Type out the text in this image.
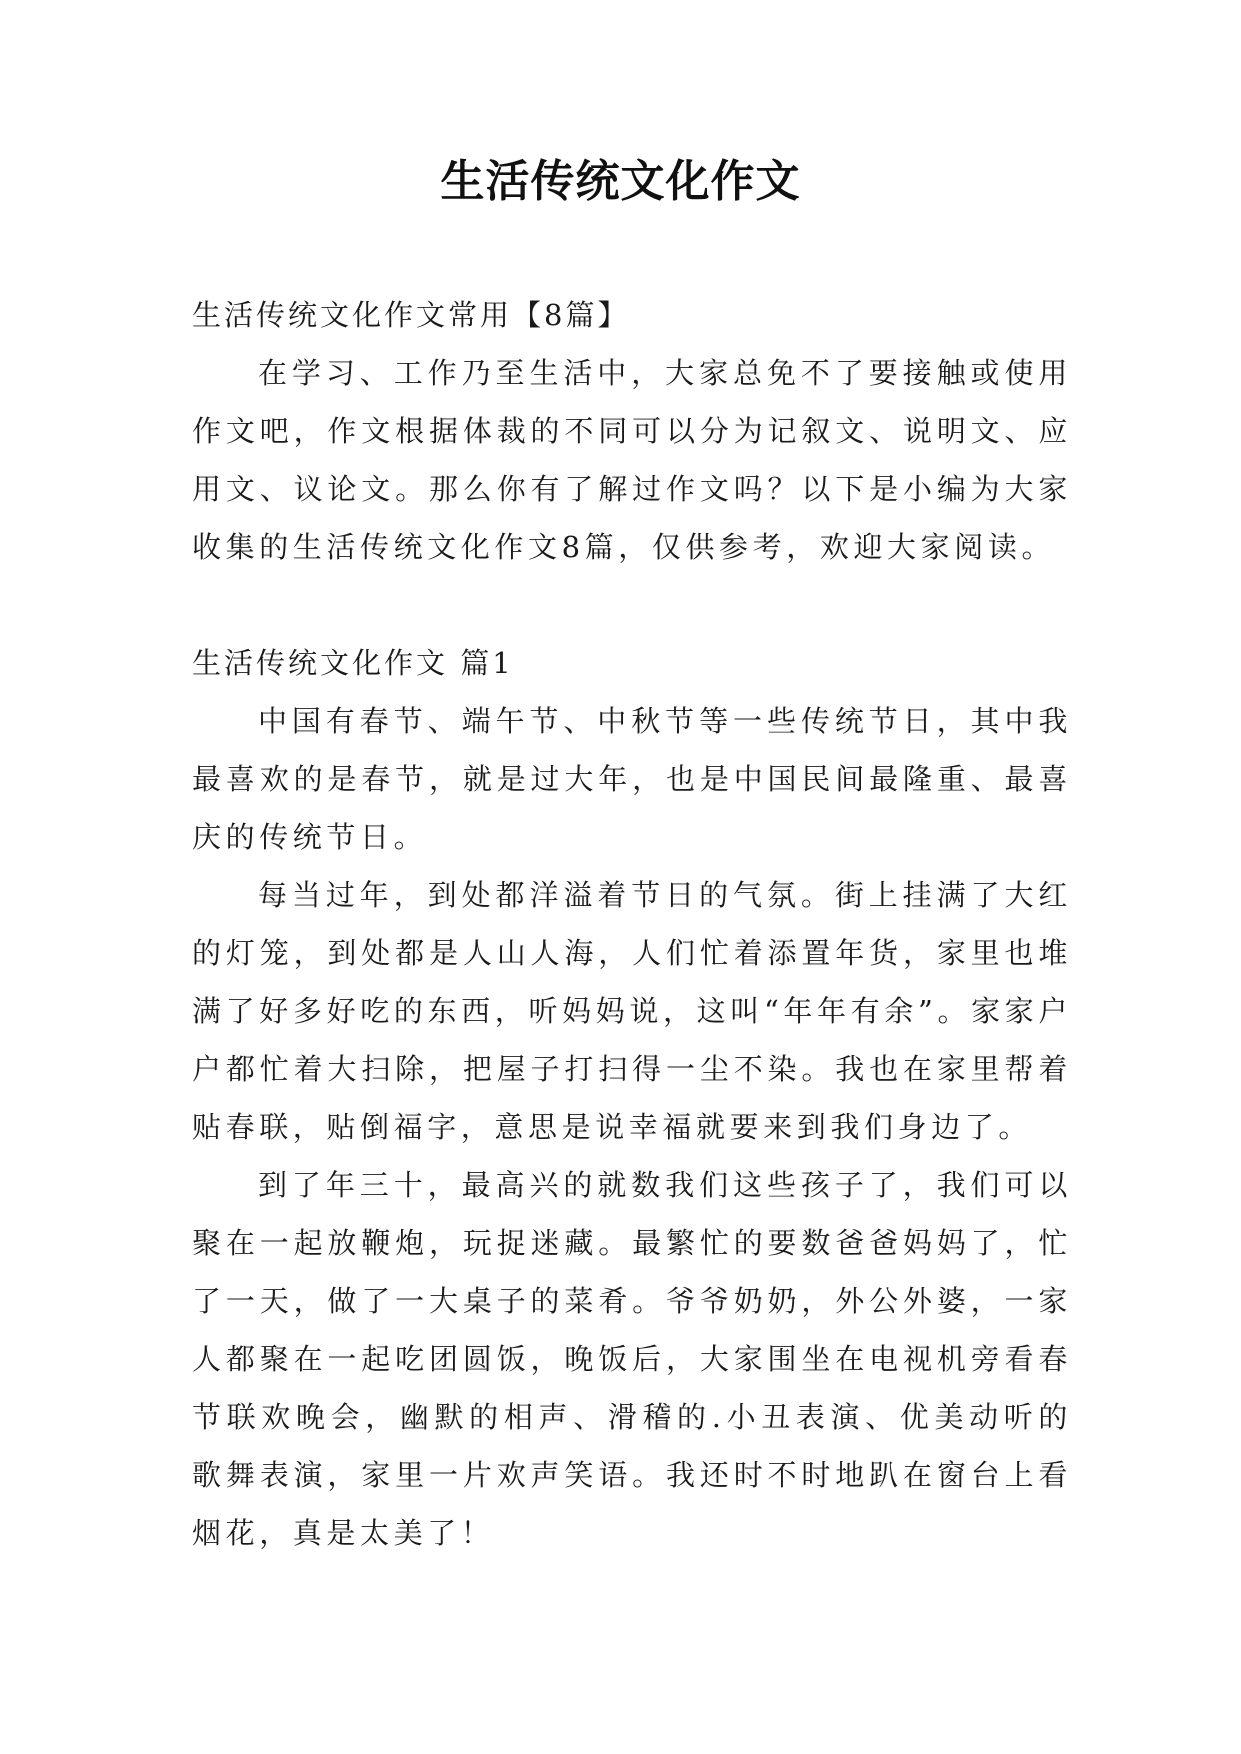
生活传统文化作文

生活传统文化作文常用【8篇】

在学习、工作乃至生活中，大家总免不了要接触或使用作文吧，作文根据体裁的不同可以分为记叙文、说明文、应用文、议论文。那么你有了解过作文吗？以下是小编为大家收集的生活传统文化作文8篇，仅供参考，欢迎大家阅读。

生活传统文化作文 篇1

中国有春节、端午节、中秋节等一些传统节日，其中我最喜欢的是春节，就是过大年，也是中国民间最隆重、最喜庆的传统节日。

每当过年，到处都洋溢着节日的气氛。街上挂满了大红的灯笼，到处都是人山人海，人们忙着添置年货，家里也堆满了好多好吃的东西，听妈妈说，这叫“年年有余”。家家户户都忙着大扫除，把屋子打扫得一尘不染。我也在家里帮着贴春联，贴倒福字，意思是说幸福就要来到我们身边了。

到了年三十，最高兴的就数我们这些孩子了，我们可以聚在一起放鞭炮，玩捉迷藏。最繁忙的要数爸爸妈妈了，忙了一天，做了一大桌子的菜肴。爷爷奶奶，外公外婆，一家人都聚在一起吃团圆饭，晚饭后，大家围坐在电视机旁看春节联欢晚会，幽默的相声、滑稽的.小丑表演、优美动听的歌舞表演，家里一片欢声笑语。我还时不时地趴在窗台上看烟花，真是太美了！
